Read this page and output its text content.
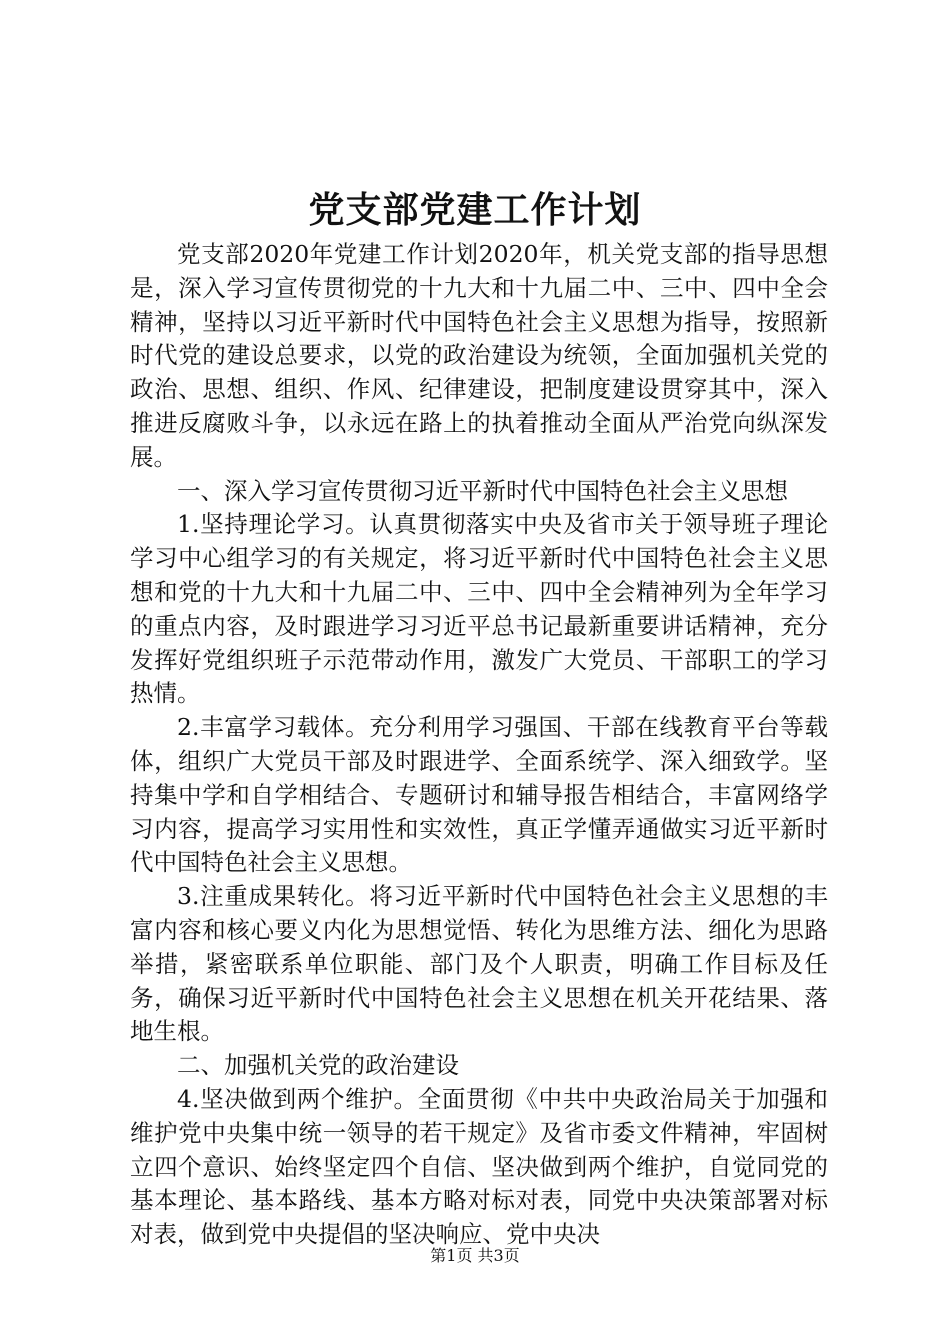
党支部党建工作计划

党支部2020年党建工作计划2020年，机关党支部的指导思想是，深入学习宣传贯彻党的十九大和十九届二中、三中、四中全会精神，坚持以习近平新时代中国特色社会主义思想为指导，按照新时代党的建设总要求，以党的政治建设为统领，全面加强机关党的政治、思想、组织、作风、纪律建设，把制度建设贯穿其中，深入推进反腐败斗争，以永远在路上的执着推动全面从严治党向纵深发展。

一、深入学习宣传贯彻习近平新时代中国特色社会主义思想

1.坚持理论学习。认真贯彻落实中央及省市关于领导班子理论学习中心组学习的有关规定，将习近平新时代中国特色社会主义思想和党的十九大和十九届二中、三中、四中全会精神列为全年学习的重点内容，及时跟进学习习近平总书记最新重要讲话精神，充分发挥好党组织班子示范带动作用，激发广大党员、干部职工的学习热情。

2.丰富学习载体。充分利用学习强国、干部在线教育平台等载体，组织广大党员干部及时跟进学、全面系统学、深入细致学。坚持集中学和自学相结合、专题研讨和辅导报告相结合，丰富网络学习内容，提高学习实用性和实效性，真正学懂弄通做实习近平新时代中国特色社会主义思想。

3.注重成果转化。将习近平新时代中国特色社会主义思想的丰富内容和核心要义内化为思想觉悟、转化为思维方法、细化为思路举措，紧密联系单位职能、部门及个人职责，明确工作目标及任务，确保习近平新时代中国特色社会主义思想在机关开花结果、落地生根。

二、加强机关党的政治建设

4.坚决做到两个维护。全面贯彻《中共中央政治局关于加强和维护党中央集中统一领导的若干规定》及省市委文件精神，牢固树立四个意识、始终坚定四个自信、坚决做到两个维护，自觉同党的基本理论、基本路线、基本方略对标对表，同党中央决策部署对标对表，做到党中央提倡的坚决响应、党中央决

第1页 共3页
